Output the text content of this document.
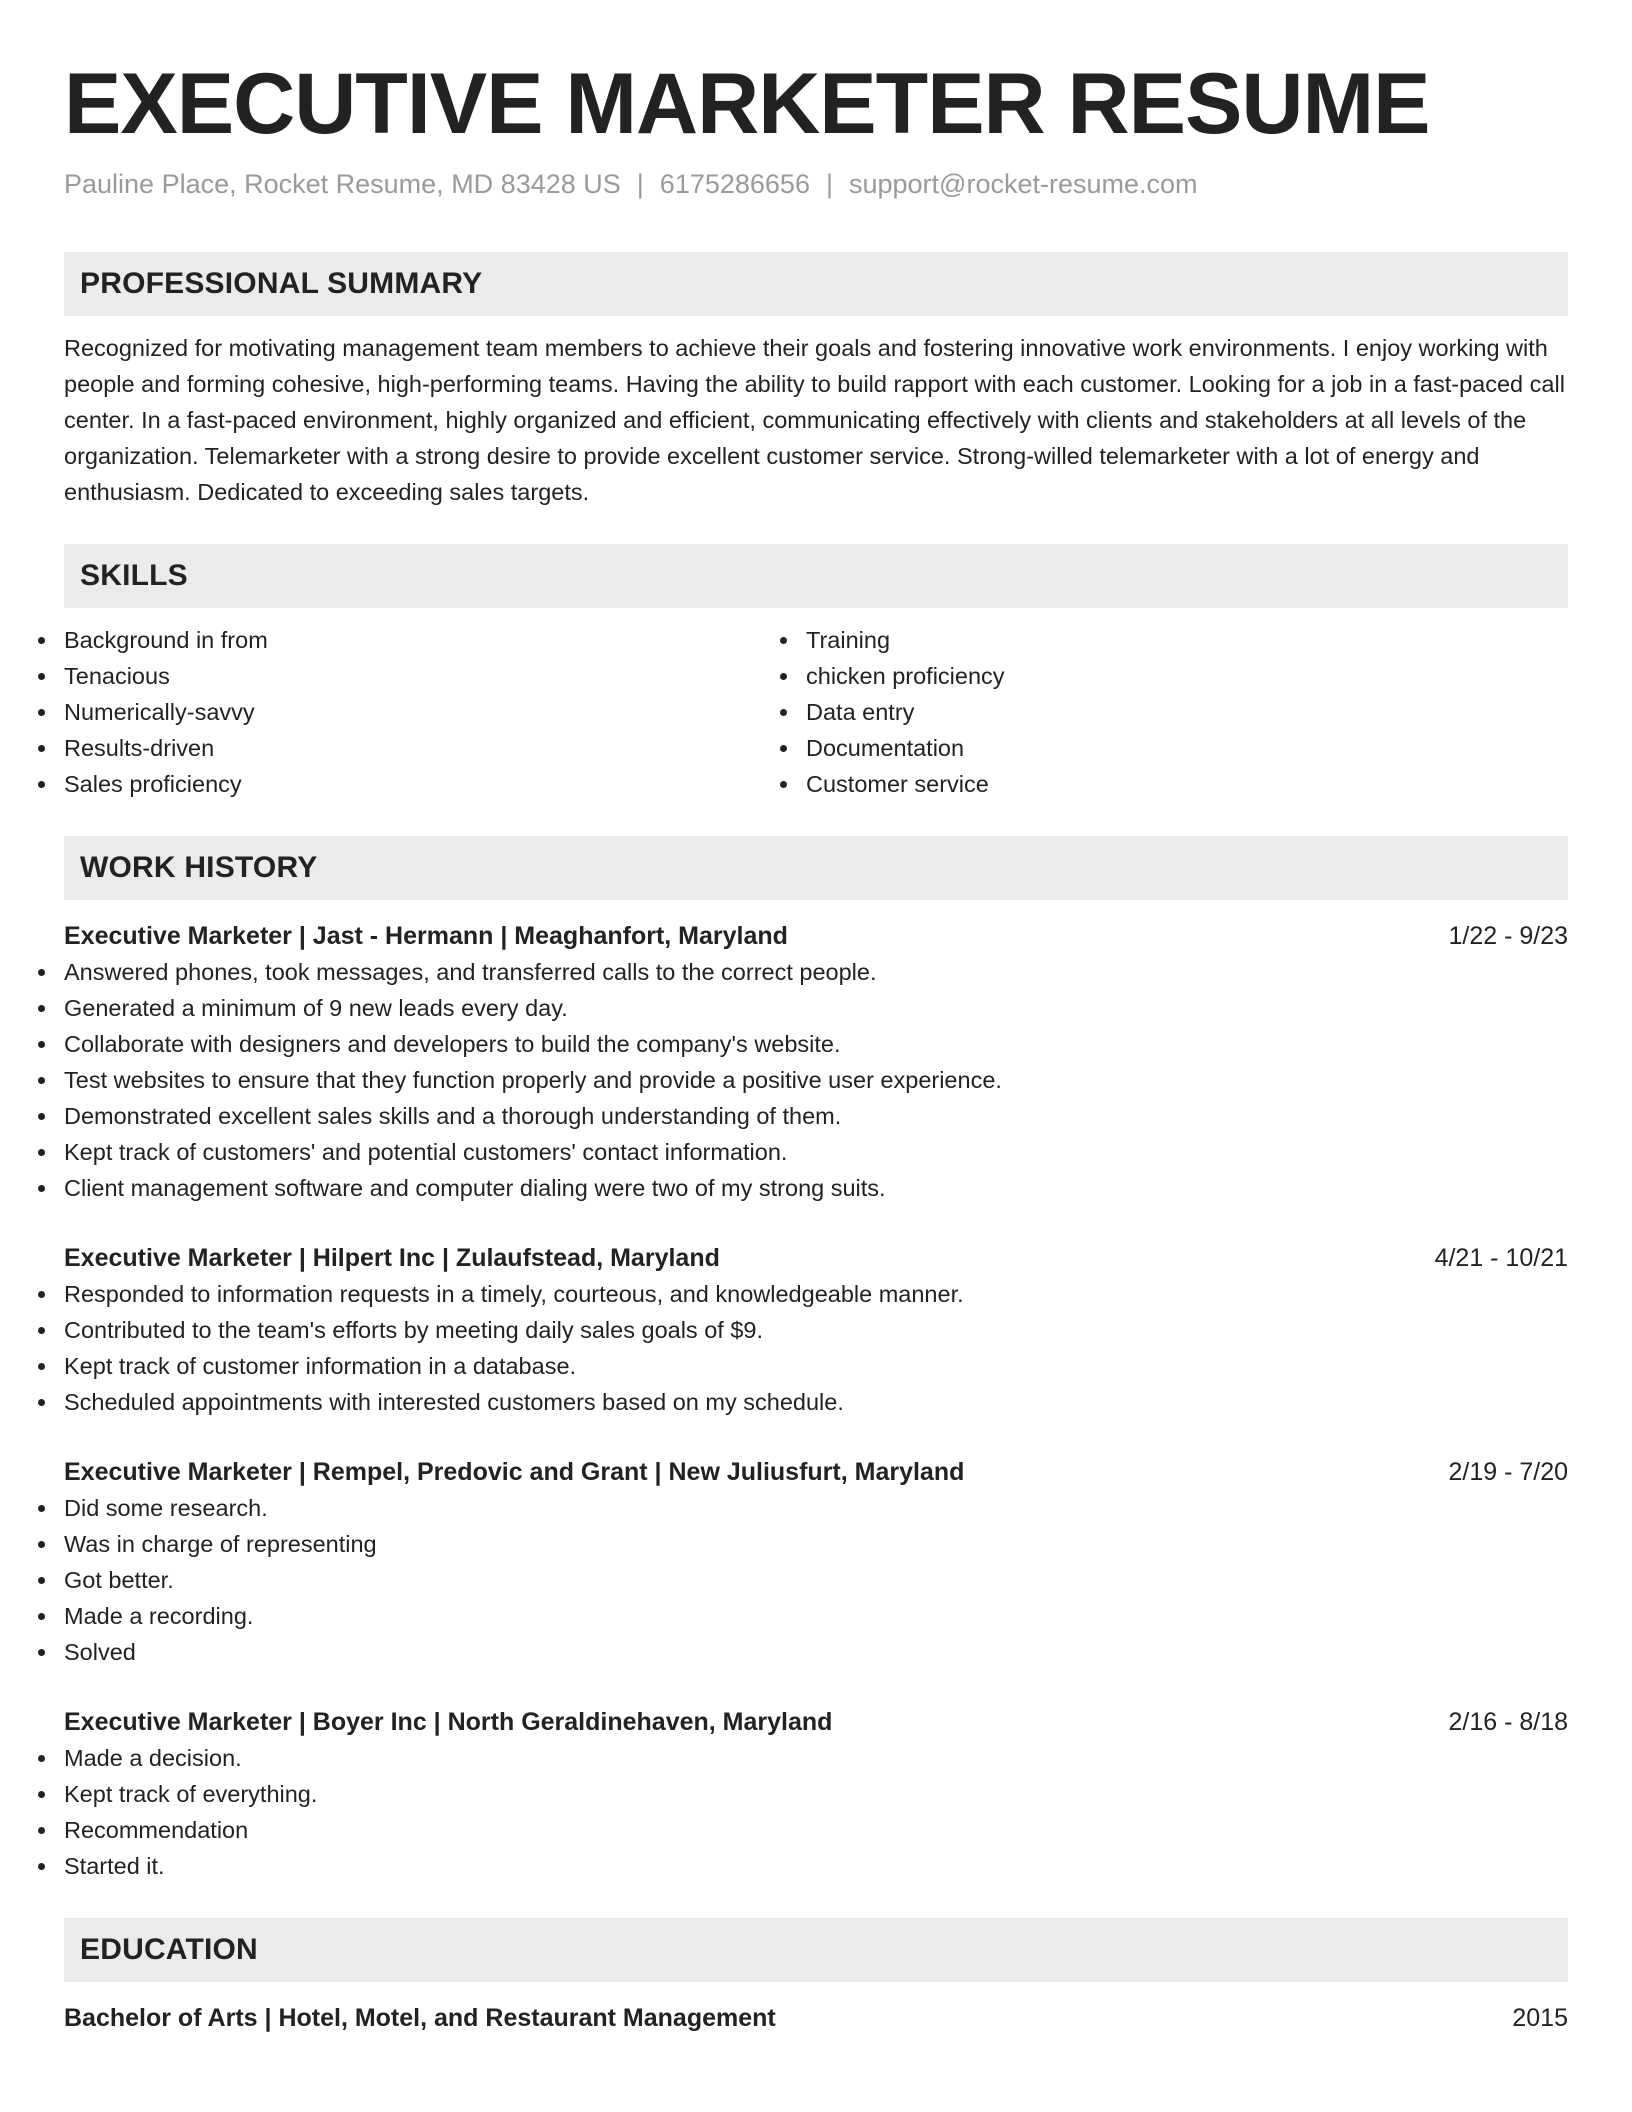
EXECUTIVE MARKETER RESUME
Pauline Place, Rocket Resume, MD 83428 US | 6175286656 | support@rocket-resume.com
PROFESSIONAL SUMMARY

Recognized for motivating management team members to achieve their goals and fostering innovative work environments. I enjoy working with people and forming cohesive, high-performing teams. Having the ability to build rapport with each customer. Looking for a job in a fast-paced call center. In a fast-paced environment, highly organized and efficient, communicating effectively with clients and stakeholders at all levels of the organization. Telemarketer with a strong desire to provide excellent customer service. Strong-willed telemarketer with a lot of energy and enthusiasm. Dedicated to exceeding sales targets.

SKILLS
Background in from
Tenacious
Numerically-savvy
Results-driven
Sales proficiency
Training
chicken proficiency
Data entry
Documentation
Customer service
WORK HISTORY
Executive Marketer | Jast - Hermann | Meaghanfort, Maryland	1/22 - 9/23
Answered phones, took messages, and transferred calls to the correct people.
Generated a minimum of 9 new leads every day.
Collaborate with designers and developers to build the company's website.
Test websites to ensure that they function properly and provide a positive user experience.
Demonstrated excellent sales skills and a thorough understanding of them.
Kept track of customers' and potential customers' contact information.
Client management software and computer dialing were two of my strong suits.
Executive Marketer | Hilpert Inc | Zulaufstead, Maryland	4/21 - 10/21
Responded to information requests in a timely, courteous, and knowledgeable manner.
Contributed to the team's efforts by meeting daily sales goals of $9.
Kept track of customer information in a database.
Scheduled appointments with interested customers based on my schedule.
Executive Marketer | Rempel, Predovic and Grant | New Juliusfurt, Maryland	2/19 - 7/20
Did some research.
Was in charge of representing
Got better.
Made a recording.
Solved
Executive Marketer | Boyer Inc | North Geraldinehaven, Maryland	2/16 - 8/18
Made a decision.
Kept track of everything.
Recommendation
Started it.
EDUCATION
Bachelor of Arts | Hotel, Motel, and Restaurant Management	2015
